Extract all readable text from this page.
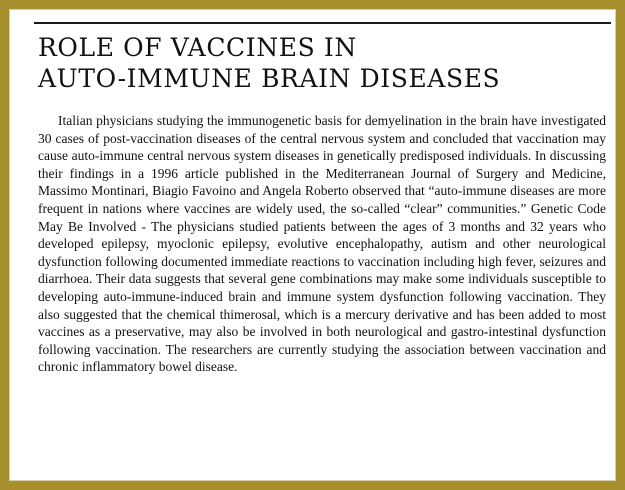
ROLE OF VACCINES IN
AUTO-IMMUNE BRAIN DISEASES

Italian physicians studying the immunogenetic basis for demyelination in the brain have investigated 30 cases of post-vaccination diseases of the central nervous system and concluded that vaccination may cause auto-immune central nervous system diseases in genetically predisposed individuals. In discussing their findings in a 1996 article published in the Mediterranean Journal of Surgery and Medicine, Massimo Montinari, Biagio Favoino and Angela Roberto observed that “auto-immune diseases are more frequent in nations where vaccines are widely used, the so-called “clear” communities.” Genetic Code May Be Involved - The physicians studied patients between the ages of 3 months and 32 years who developed epilepsy, myoclonic epilepsy, evolutive encephalopathy, autism and other neurological dysfunction following documented immediate reactions to vaccination including high fever, seizures and diarrhoea. Their data suggests that several gene combinations may make some individuals susceptible to developing auto-immune-induced brain and immune system dysfunction following vaccination. They also suggested that the chemical thimerosal, which is a mercury derivative and has been added to most vaccines as a preservative, may also be involved in both neurological and gastro-intestinal dysfunction following vaccination. The researchers are currently studying the association between vaccination and chronic inflammatory bowel disease.
